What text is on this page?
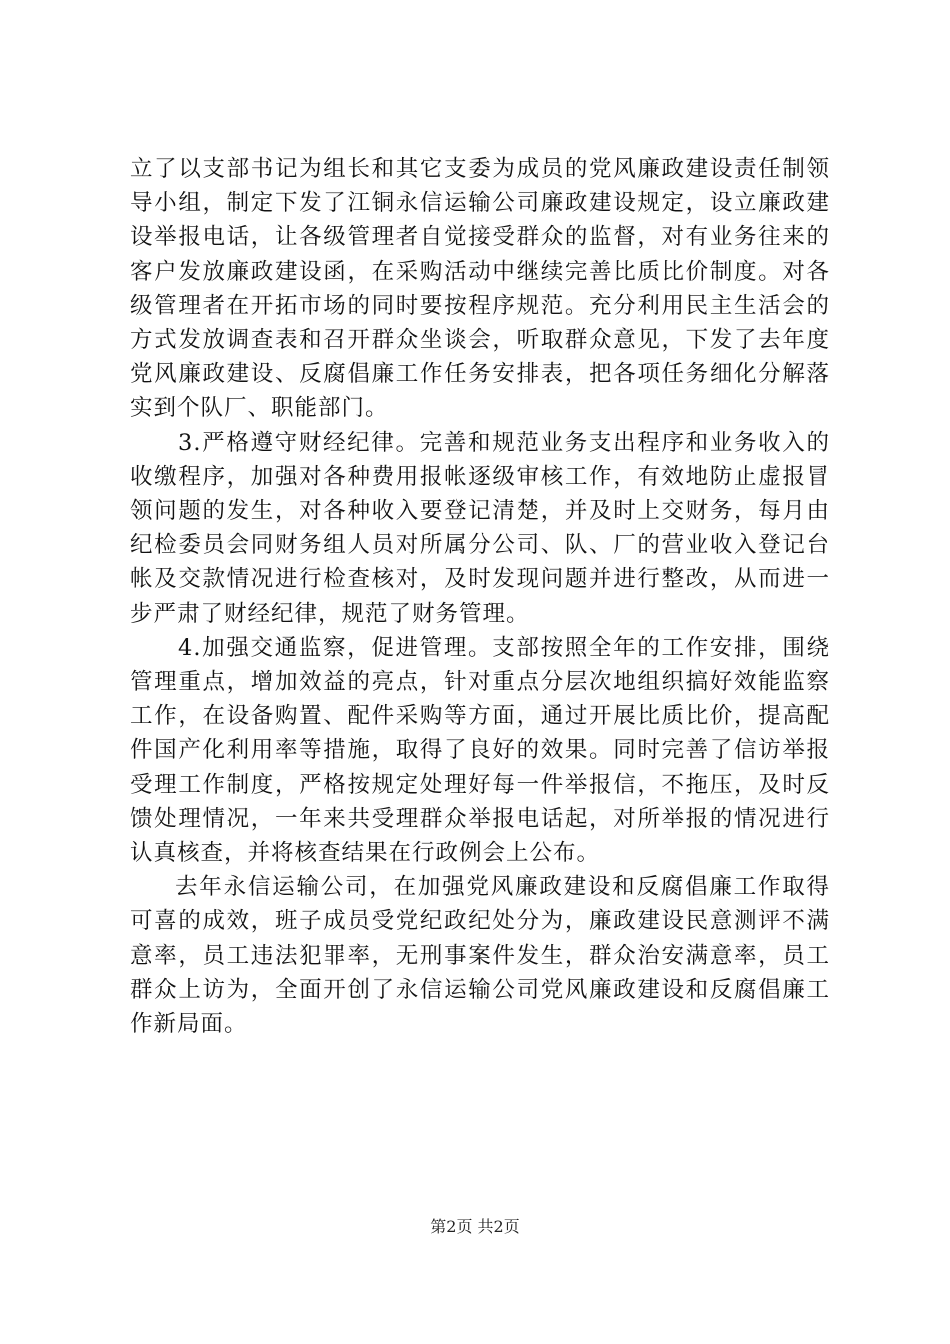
立了以支部书记为组长和其它支委为成员的党风廉政建设责任制领导小组，制定下发了江铜永信运输公司廉政建设规定，设立廉政建设举报电话，让各级管理者自觉接受群众的监督，对有业务往来的客户发放廉政建设函，在采购活动中继续完善比质比价制度。对各级管理者在开拓市场的同时要按程序规范。充分利用民主生活会的方式发放调查表和召开群众坐谈会，听取群众意见，下发了去年度党风廉政建设、反腐倡廉工作任务安排表，把各项任务细化分解落实到个队厂、职能部门。

3.严格遵守财经纪律。完善和规范业务支出程序和业务收入的收缴程序，加强对各种费用报帐逐级审核工作，有效地防止虚报冒领问题的发生，对各种收入要登记清楚，并及时上交财务，每月由纪检委员会同财务组人员对所属分公司、队、厂的营业收入登记台帐及交款情况进行检查核对，及时发现问题并进行整改，从而进一步严肃了财经纪律，规范了财务管理。

4.加强交通监察，促进管理。支部按照全年的工作安排，围绕管理重点，增加效益的亮点，针对重点分层次地组织搞好效能监察工作，在设备购置、配件采购等方面，通过开展比质比价，提高配件国产化利用率等措施，取得了良好的效果。同时完善了信访举报受理工作制度，严格按规定处理好每一件举报信，不拖压，及时反馈处理情况，一年来共受理群众举报电话起，对所举报的情况进行认真核查，并将核查结果在行政例会上公布。

去年永信运输公司，在加强党风廉政建设和反腐倡廉工作取得可喜的成效，班子成员受党纪政纪处分为，廉政建设民意测评不满意率，员工违法犯罪率，无刑事案件发生，群众治安满意率，员工群众上访为，全面开创了永信运输公司党风廉政建设和反腐倡廉工作新局面。

第2页 共2页
